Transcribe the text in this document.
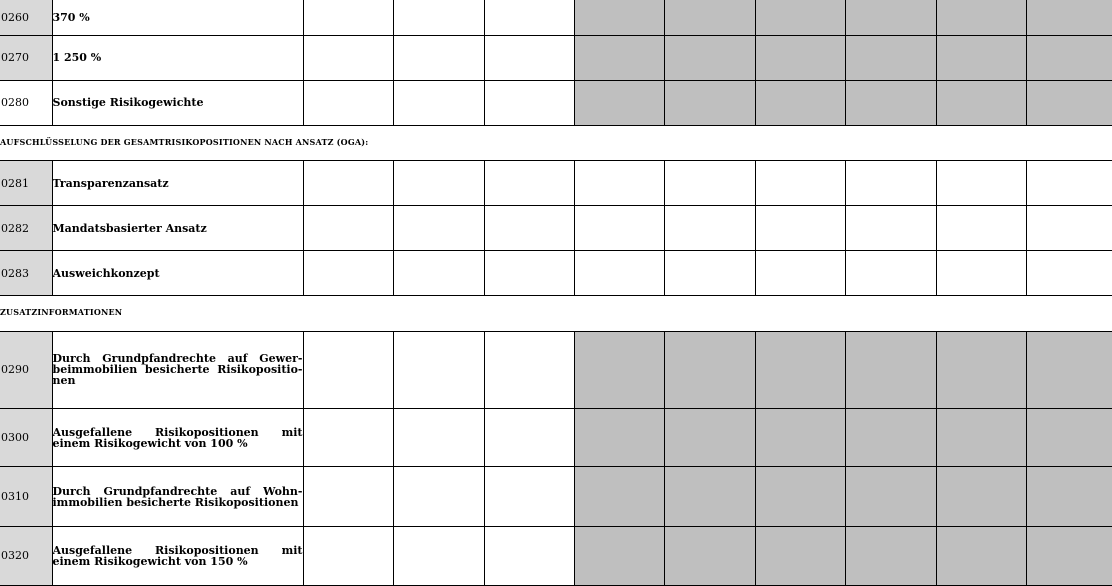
0260	370 %										

0270	1 250 %										

0280	Sonstige Risikogewichte										
AUFSCHLÜSSELUNG DER GESAMTRISIKOPOSITIONEN NACH ANSATZ (OGA):											

0281	Transparenzansatz										

0282	Mandatsbasierter Ansatz										

0283	Ausweichkonzept										
ZUSATZINFORMATIONEN											

0290	Durch Grundpfandrechte auf Gewerbeimmobilien besicherte Risikopositionen										

0300	Ausgefallene Risikopositionen mit einem Risikogewicht von 100 %										

0310	Durch Grundpfandrechte auf Wohnimmobilien besicherte Risikopositionen										

0320	Ausgefallene Risikopositionen mit einem Risikogewicht von 150 %										
